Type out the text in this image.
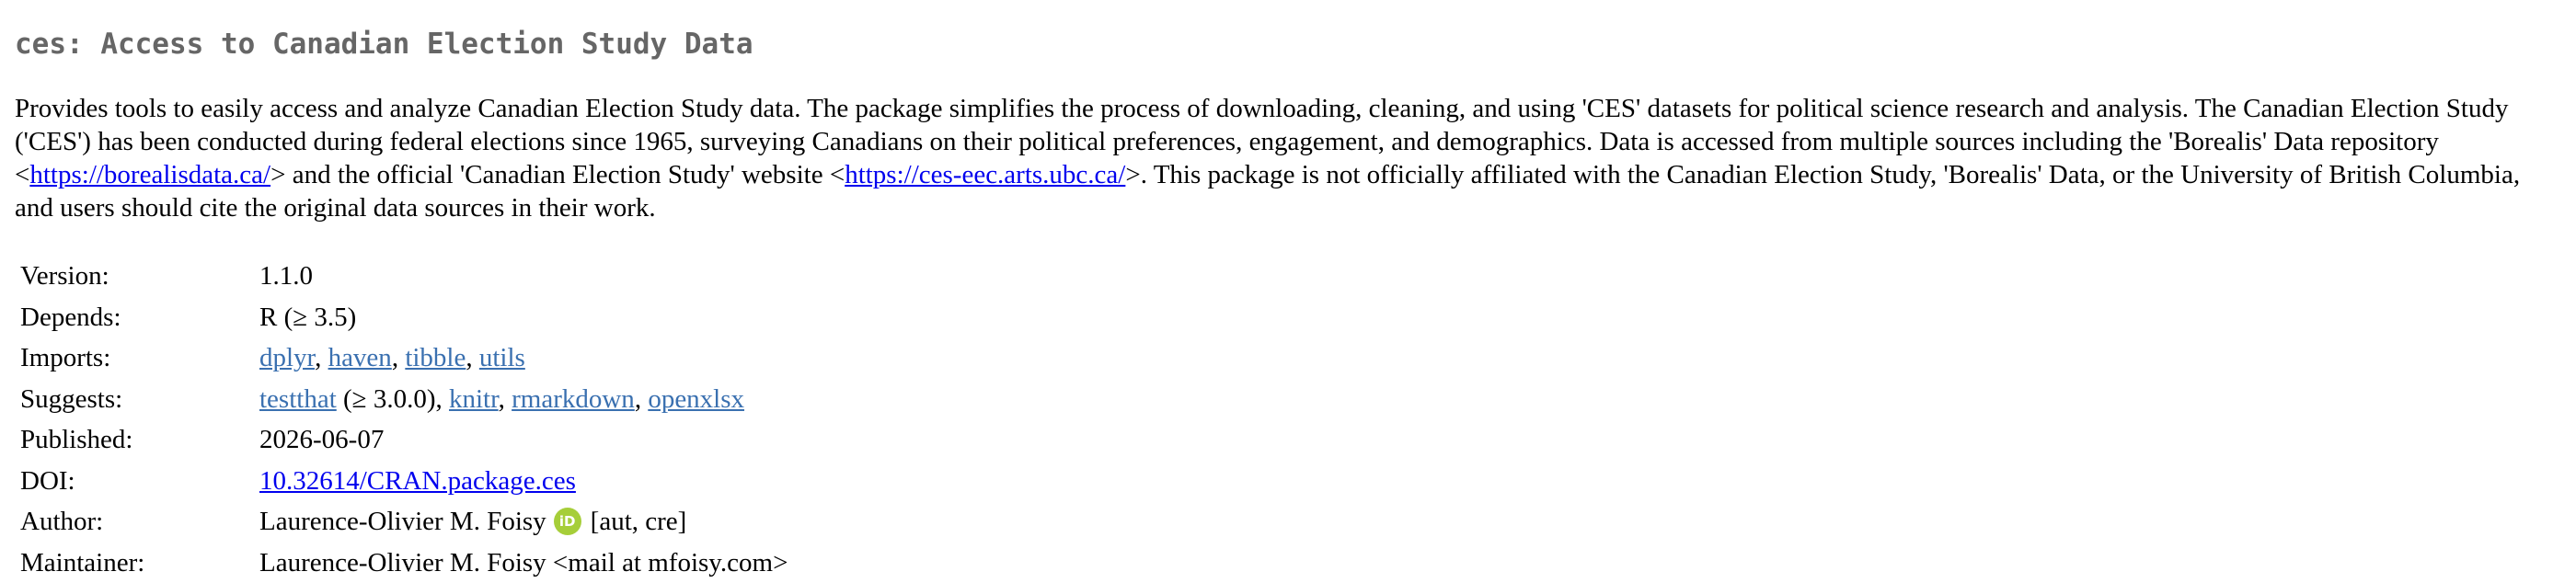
ces: Access to Canadian Election Study Data

Provides tools to easily access and analyze Canadian Election Study data. The package simplifies the process of downloading, cleaning, and using 'CES' datasets for political science research and analysis. The Canadian Election Study ('CES') has been conducted during federal elections since 1965, surveying Canadians on their political preferences, engagement, and demographics. Data is accessed from multiple sources including the 'Borealis' Data repository <https://borealisdata.ca/> and the official 'Canadian Election Study' website <https://ces-eec.arts.ubc.ca/>. This package is not officially affiliated with the Canadian Election Study, 'Borealis' Data, or the University of British Columbia, and users should cite the original data sources in their work.

Version:	1.1.0
Depends:	R (≥ 3.5)
Imports:	dplyr, haven, tibble, utils
Suggests:	testthat (≥ 3.0.0), knitr, rmarkdown, openxlsx
Published:	2026-06-07
DOI:	10.32614/CRAN.package.ces
Author:	Laurence-Olivier M. Foisy iD [aut, cre]
Maintainer:	Laurence-Olivier M. Foisy <mail at mfoisy.com>
